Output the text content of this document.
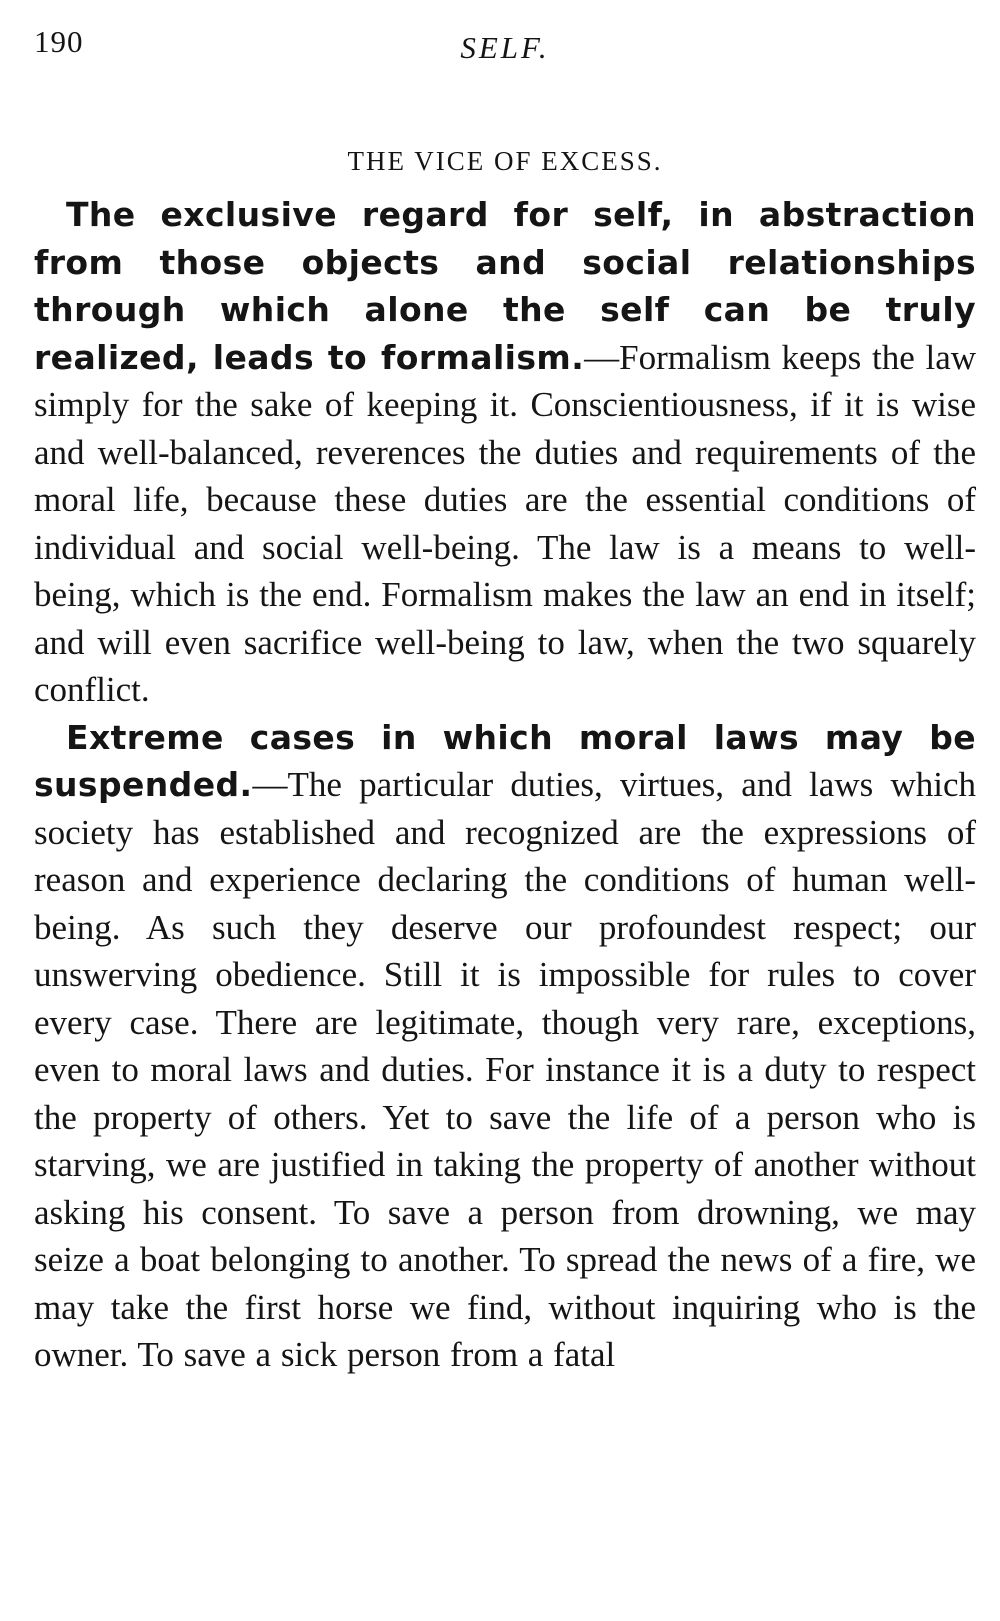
190	SELF.
THE VICE OF EXCESS.

The exclusive regard for self, in abstraction from those objects and social relationships through which alone the self can be truly realized, leads to formalism.—Formalism keeps the law simply for the sake of keeping it. Conscientiousness, if it is wise and well-balanced, reverences the duties and requirements of the moral life, because these duties are the essential conditions of individual and social well-being. The law is a means to well-being, which is the end. Formalism makes the law an end in itself; and will even sacrifice well-being to law, when the two squarely conflict.

Extreme cases in which moral laws may be suspended.—The particular duties, virtues, and laws which society has established and recognized are the expressions of reason and experience declaring the conditions of human well-being. As such they deserve our profoundest respect; our unswerving obedience. Still it is impossible for rules to cover every case. There are legitimate, though very rare, exceptions, even to moral laws and duties. For instance it is a duty to respect the property of others. Yet to save the life of a person who is starving, we are justified in taking the property of another without asking his consent. To save a person from drowning, we may seize a boat belonging to another. To spread the news of a fire, we may take the first horse we find, without inquiring who is the owner. To save a sick person from a fatal
